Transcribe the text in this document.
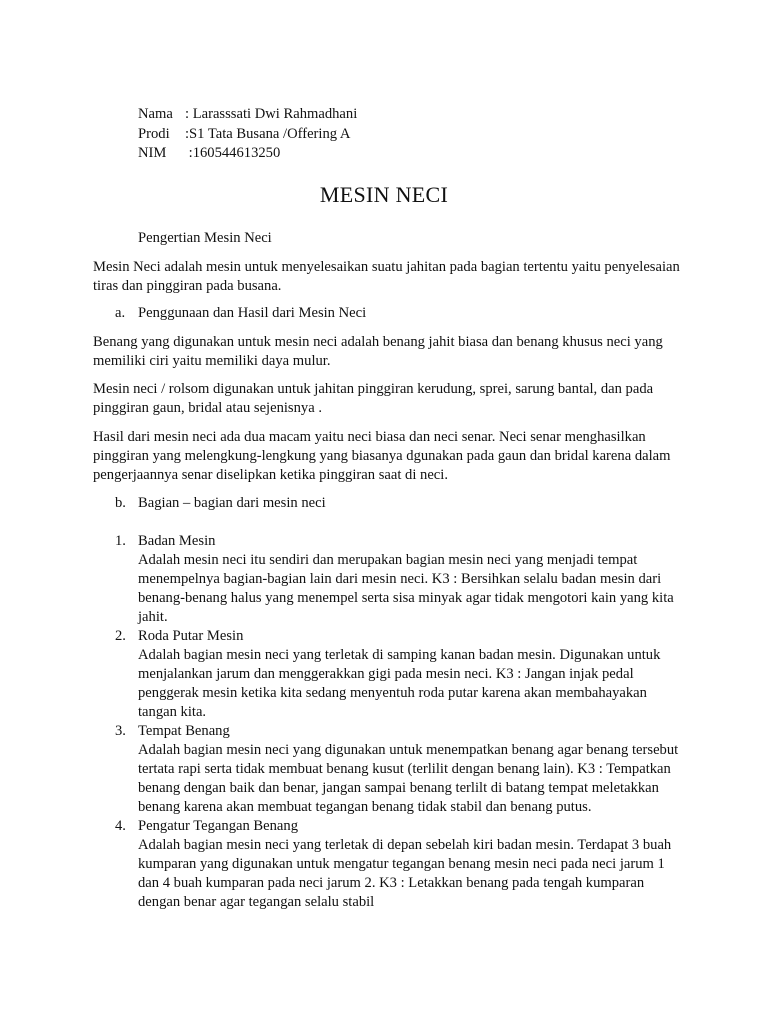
Nama : Larasssati Dwi Rahmadhani
Prodi	:S1 Tata Busana /Offering A
NIM	:160544613250
MESIN NECI
Pengertian Mesin Neci
Mesin Neci adalah mesin untuk menyelesaikan suatu jahitan pada bagian tertentu yaitu penyelesaian tiras dan pinggiran pada busana.
a. Penggunaan dan Hasil dari Mesin Neci
Benang yang digunakan untuk mesin neci adalah benang jahit biasa dan benang khusus neci yang memiliki ciri yaitu memiliki daya mulur.
Mesin neci / rolsom digunakan untuk jahitan pinggiran kerudung, sprei, sarung bantal, dan pada pinggiran gaun, bridal atau sejenisnya .
Hasil dari mesin neci ada dua macam yaitu neci biasa dan neci senar. Neci senar menghasilkan pinggiran yang melengkung-lengkung yang biasanya dgunakan pada gaun dan bridal karena dalam pengerjaannya senar diselipkan ketika pinggiran saat di neci.
b. Bagian – bagian dari mesin neci
1. Badan Mesin
Adalah mesin neci itu sendiri dan merupakan bagian mesin neci yang menjadi tempat menempelnya bagian-bagian lain dari mesin neci. K3 : Bersihkan selalu badan mesin dari benang-benang halus yang menempel serta sisa minyak agar tidak mengotori kain yang kita jahit.
2. Roda Putar Mesin
Adalah bagian mesin neci yang terletak di samping kanan badan mesin. Digunakan untuk menjalankan jarum dan menggerakkan gigi pada mesin neci. K3 : Jangan injak pedal penggerak mesin ketika kita sedang menyentuh roda putar karena akan membahayakan tangan kita.
3. Tempat Benang
Adalah bagian mesin neci yang digunakan untuk menempatkan benang agar benang tersebut tertata rapi serta tidak membuat benang kusut (terlilit dengan benang lain). K3 : Tempatkan benang dengan baik dan benar, jangan sampai benang terlilt di batang tempat meletakkan benang karena akan membuat tegangan benang tidak stabil dan benang putus.
4. Pengatur Tegangan Benang
Adalah bagian mesin neci yang terletak di depan sebelah kiri badan mesin. Terdapat 3 buah kumparan yang digunakan untuk mengatur tegangan benang mesin neci pada neci jarum 1 dan 4 buah kumparan pada neci jarum 2. K3 : Letakkan benang pada tengah kumparan dengan benar agar tegangan selalu stabil
